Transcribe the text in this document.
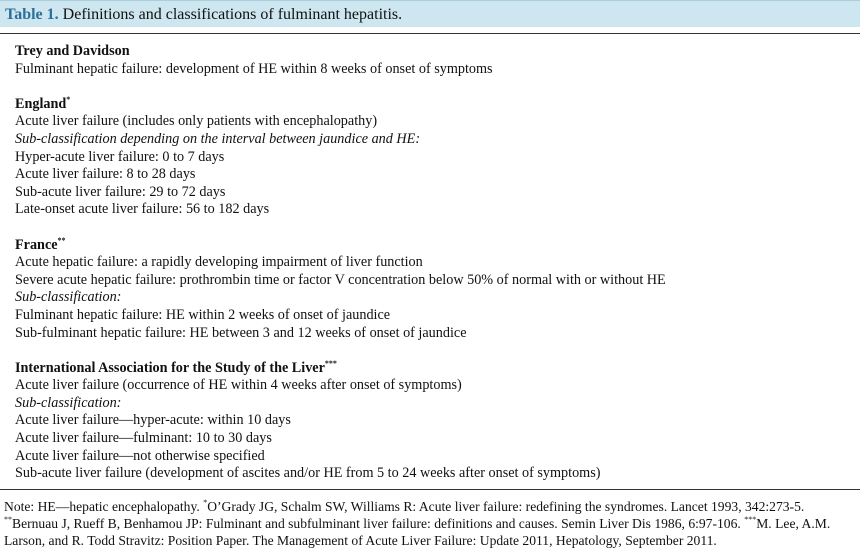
Table 1. Definitions and classifications of fulminant hepatitis.
Trey and Davidson
Fulminant hepatic failure: development of HE within 8 weeks of onset of symptoms
England*
Acute liver failure (includes only patients with encephalopathy)
Sub-classification depending on the interval between jaundice and HE:
Hyper-acute liver failure: 0 to 7 days
Acute liver failure: 8 to 28 days
Sub-acute liver failure: 29 to 72 days
Late-onset acute liver failure: 56 to 182 days
France**
Acute hepatic failure: a rapidly developing impairment of liver function
Severe acute hepatic failure: prothrombin time or factor V concentration below 50% of normal with or without HE
Sub-classification:
Fulminant hepatic failure: HE within 2 weeks of onset of jaundice
Sub-fulminant hepatic failure: HE between 3 and 12 weeks of onset of jaundice
International Association for the Study of the Liver***
Acute liver failure (occurrence of HE within 4 weeks after onset of symptoms)
Sub-classification:
Acute liver failure—hyper-acute: within 10 days
Acute liver failure—fulminant: 10 to 30 days
Acute liver failure—not otherwise specified
Sub-acute liver failure (development of ascites and/or HE from 5 to 24 weeks after onset of symptoms)
Note: HE—hepatic encephalopathy. *O’Grady JG, Schalm SW, Williams R: Acute liver failure: redefining the syndromes. Lancet 1993, 342:273-5. **Bernuau J, Rueff B, Benhamou JP: Fulminant and subfulminant liver failure: definitions and causes. Semin Liver Dis 1986, 6:97-106. ***M. Lee, A.M. Larson, and R. Todd Stravitz: Position Paper. The Management of Acute Liver Failure: Update 2011, Hepatology, September 2011.
